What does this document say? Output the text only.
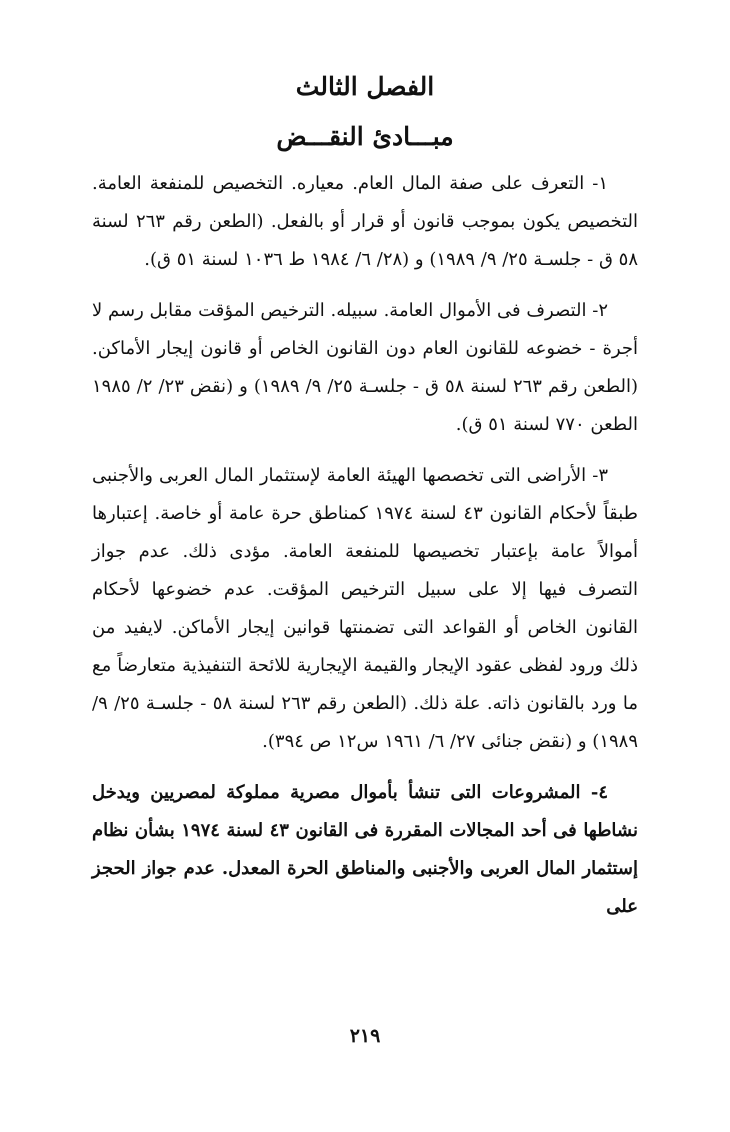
الفصل الثالث
مبـــادئ النقـــض

١- التعرف على صفة المال العام. معياره. التخصيص للمنفعة العامة. التخصيص يكون بموجب قانون أو قرار أو بالفعل. (الطعن رقم ٢٦٣ لسنة ٥٨ ق - جلسـة ٢٥/ ٩/ ١٩٨٩) و (٢٨/ ٦/ ١٩٨٤ ط ١٠٣٦ لسنة ٥١ ق).

٢- التصرف فى الأموال العامة. سبيله. الترخيص المؤقت مقابل رسم لا أجرة - خضوعه للقانون العام دون القانون الخاص أو قانون إيجار الأماكن. (الطعن رقم ٢٦٣ لسنة ٥٨ ق - جلسـة ٢٥/ ٩/ ١٩٨٩) و (نقض ٢٣/ ٢/ ١٩٨٥ الطعن ٧٧٠ لسنة ٥١ ق).

٣- الأراضى التى تخصصها الهيئة العامة لإستثمار المال العربى والأجنبى طبقاً لأحكام القانون ٤٣ لسنة ١٩٧٤ كمناطق حرة عامة أو خاصة. إعتبارها أموالاً عامة بإعتبار تخصيصها للمنفعة العامة. مؤدى ذلك. عدم جواز التصرف فيها إلا على سبيل الترخيص المؤقت. عدم خضوعها لأحكام القانون الخاص أو القواعد التى تضمنتها قوانين إيجار الأماكن. لايفيد من ذلك ورود لفظى عقود الإيجار والقيمة الإيجارية للائحة التنفيذية متعارضاً مع ما ورد بالقانون ذاته. علة ذلك. (الطعن رقم ٢٦٣ لسنة ٥٨ - جلسـة ٢٥/ ٩/ ١٩٨٩) و (نقض جنائى ٢٧/ ٦/ ١٩٦١ س١٢ ص ٣٩٤).

٤- المشروعات التى تنشأ بأموال مصرية مملوكة لمصريين ويدخل نشاطها فى أحد المجالات المقررة فى القانون ٤٣ لسنة ١٩٧٤ بشأن نظام إستثمار المال العربى والأجنبى والمناطق الحرة المعدل. عدم جواز الحجز على

٢١٩
